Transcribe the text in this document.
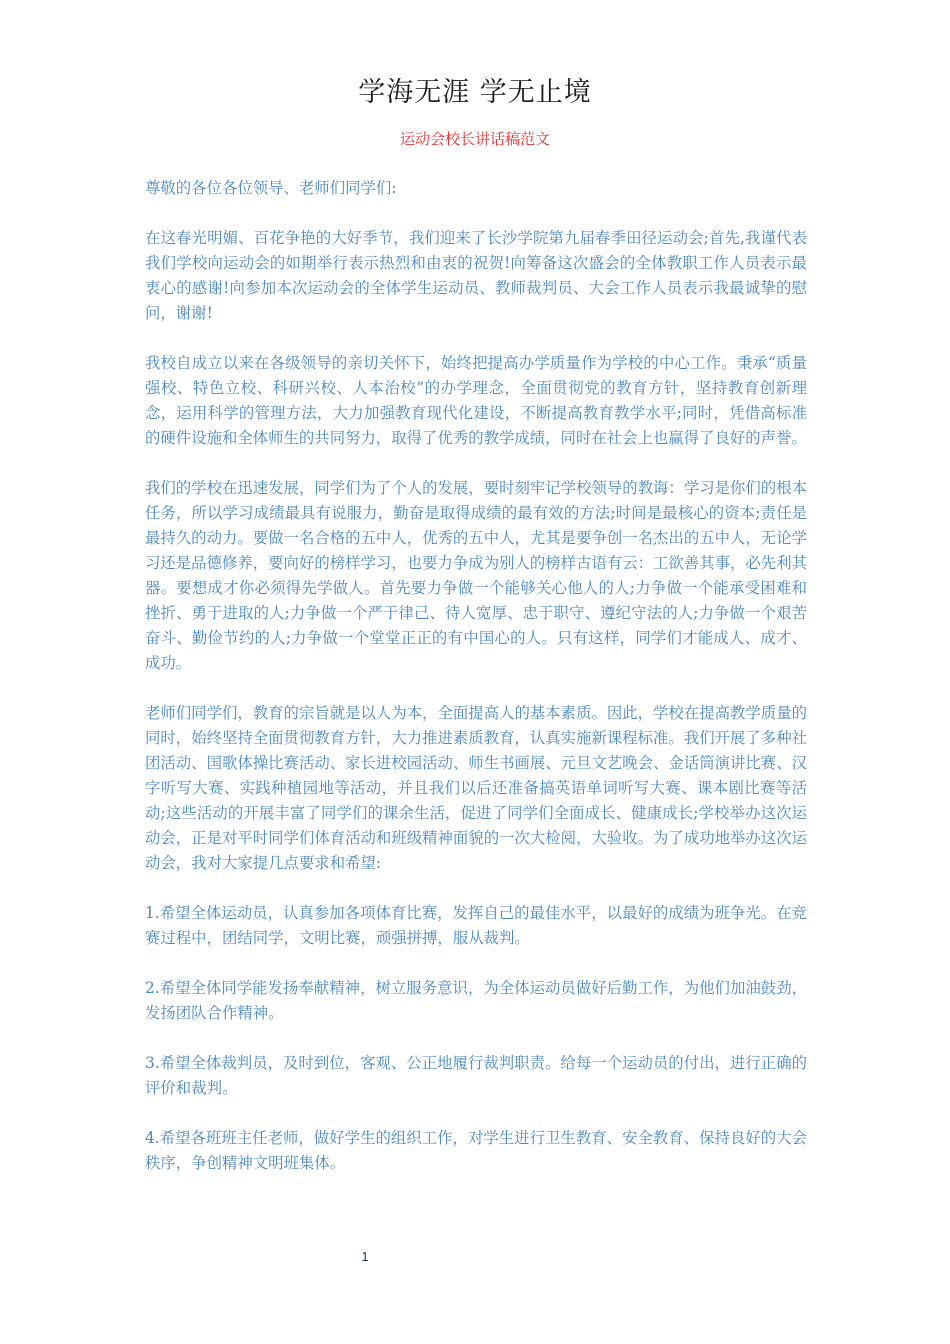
学海无涯 学无止境
运动会校长讲话稿范文

尊敬的各位各位领导、老师们同学们:

在这春光明媚、百花争艳的大好季节，我们迎来了长沙学院第九届春季田径运动会;首先,我谨代表我们学校向运动会的如期举行表示热烈和由衷的祝贺!向筹备这次盛会的全体教职工作人员表示最衷心的感谢!向参加本次运动会的全体学生运动员、教师裁判员、大会工作人员表示我最诚挚的慰问，谢谢!

我校自成立以来在各级领导的亲切关怀下，始终把提高办学质量作为学校的中心工作。秉承“质量强校、特色立校、科研兴校、人本治校”的办学理念，全面贯彻党的教育方针，坚持教育创新理念，运用科学的管理方法，大力加强教育现代化建设，不断提高教育教学水平;同时，凭借高标准的硬件设施和全体师生的共同努力，取得了优秀的教学成绩，同时在社会上也赢得了良好的声誉。

我们的学校在迅速发展，同学们为了个人的发展，要时刻牢记学校领导的教诲：学习是你们的根本任务，所以学习成绩最具有说服力，勤奋是取得成绩的最有效的方法;时间是最核心的资本;责任是最持久的动力。要做一名合格的五中人，优秀的五中人，尤其是要争创一名杰出的五中人，无论学习还是品德修养，要向好的榜样学习，也要力争成为别人的榜样古语有云：工欲善其事，必先利其器。要想成才你必须得先学做人。首先要力争做一个能够关心他人的人;力争做一个能承受困难和挫折、勇于进取的人;力争做一个严于律己、待人宽厚、忠于职守、遵纪守法的人;力争做一个艰苦奋斗、勤俭节约的人;力争做一个堂堂正正的有中国心的人。只有这样，同学们才能成人、成才、成功。

老师们同学们，教育的宗旨就是以人为本，全面提高人的基本素质。因此，学校在提高教学质量的同时，始终坚持全面贯彻教育方针，大力推进素质教育，认真实施新课程标准。我们开展了多种社团活动、国歌体操比赛活动、家长进校园活动、师生书画展、元旦文艺晚会、金话筒演讲比赛、汉字听写大赛、实践种植园地等活动，并且我们以后还准备搞英语单词听写大赛、课本剧比赛等活动;这些活动的开展丰富了同学们的课余生活，促进了同学们全面成长、健康成长;学校举办这次运动会，正是对平时同学们体育活动和班级精神面貌的一次大检阅，大验收。为了成功地举办这次运动会，我对大家提几点要求和希望:

1.希望全体运动员，认真参加各项体育比赛，发挥自己的最佳水平，以最好的成绩为班争光。在竞赛过程中，团结同学，文明比赛，顽强拼搏，服从裁判。

2.希望全体同学能发扬奉献精神，树立服务意识，为全体运动员做好后勤工作，为他们加油鼓劲，发扬团队合作精神。

3.希望全体裁判员，及时到位，客观、公正地履行裁判职责。给每一个运动员的付出，进行正确的评价和裁判。

4.希望各班班主任老师，做好学生的组织工作，对学生进行卫生教育、安全教育、保持良好的大会秩序，争创精神文明班集体。

1
